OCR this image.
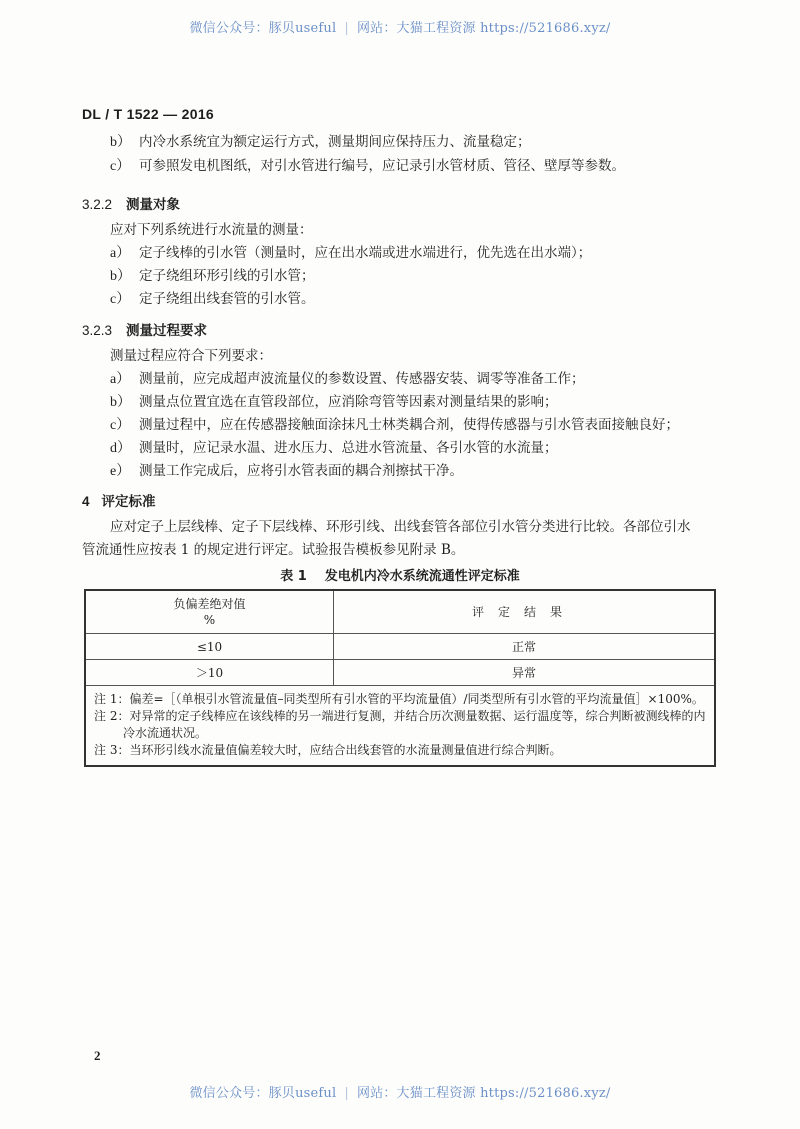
微信公众号：豚贝useful | 网站：大猫工程资源 https://521686.xyz/
DL / T 1522 — 2016
b） 内冷水系统宜为额定运行方式，测量期间应保持压力、流量稳定；
c） 可参照发电机图纸，对引水管进行编号，应记录引水管材质、管径、壁厚等参数。
3.2.2 测量对象
应对下列系统进行水流量的测量：
a） 定子线棒的引水管（测量时，应在出水端或进水端进行，优先选在出水端）；
b） 定子绕组环形引线的引水管；
c） 定子绕组出线套管的引水管。
3.2.3 测量过程要求
测量过程应符合下列要求：
a） 测量前，应完成超声波流量仪的参数设置、传感器安装、调零等准备工作；
b） 测量点位置宜选在直管段部位，应消除弯管等因素对测量结果的影响；
c） 测量过程中，应在传感器接触面涂抹凡士林类耦合剂，使得传感器与引水管表面接触良好；
d） 测量时，应记录水温、进水压力、总进水管流量、各引水管的水流量；
e） 测量工作完成后，应将引水管表面的耦合剂擦拭干净。
4 评定标准
应对定子上层线棒、定子下层线棒、环形引线、出线套管各部位引水管分类进行比较。各部位引水
管流通性应按表 1 的规定进行评定。试验报告模板参见附录 B。
表 1 发电机内冷水系统流通性评定标准
负偏差绝对值
%	评定结果
≤10	正常
＞10	异常

注 1：偏差=［（单根引水管流量值–同类型所有引水管的平均流量值）/同类型所有引水管的平均流量值］×100%。
注 2：对异常的定子线棒应在该线棒的另一端进行复测，并结合历次测量数据、运行温度等，综合判断被测线棒的内
冷水流通状况。
注 3：当环形引线水流量值偏差较大时，应结合出线套管的水流量测量值进行综合判断。	
2
微信公众号：豚贝useful | 网站：大猫工程资源 https://521686.xyz/
